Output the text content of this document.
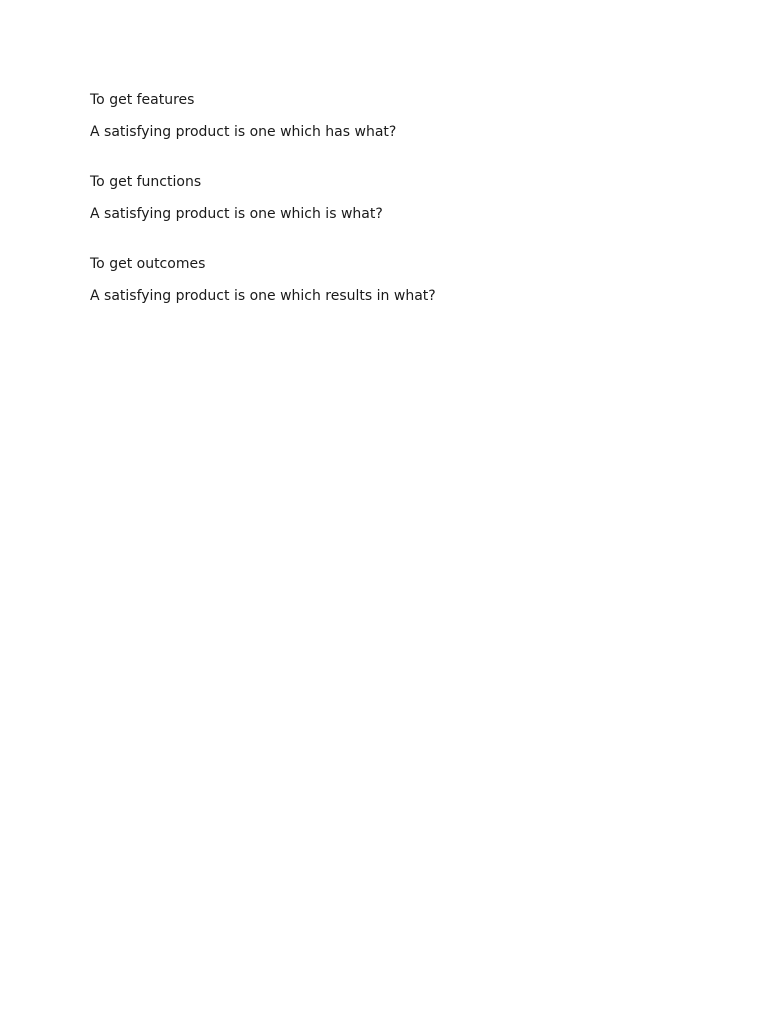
To get features

A satisfying product is one which has what?

To get functions

A satisfying product is one which is what?

To get outcomes

A satisfying product is one which results in what?
